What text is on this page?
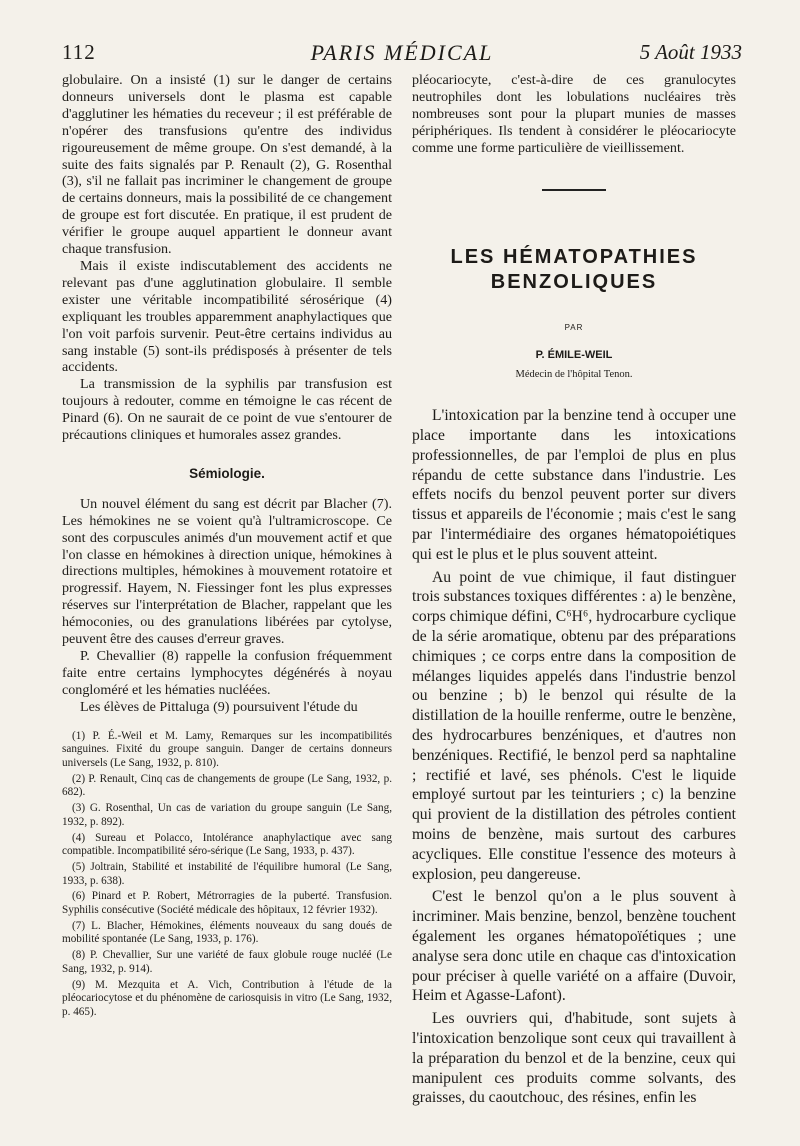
112	PARIS MÉDICAL	5 Août 1933

globulaire. On a insisté (1) sur le danger de certains donneurs universels dont le plasma est capable d'agglutiner les hématies du receveur ; il est préférable de n'opérer des transfusions qu'entre des individus rigoureusement de même groupe. On s'est demandé, à la suite des faits signalés par P. Renault (2), G. Rosenthal (3), s'il ne fallait pas incriminer le changement de groupe de certains donneurs, mais la possibilité de ce changement de groupe est fort discutée. En pratique, il est prudent de vérifier le groupe auquel appartient le donneur avant chaque transfusion.

Mais il existe indiscutablement des accidents ne relevant pas d'une agglutination globulaire. Il semble exister une véritable incompatibilité sérosérique (4) expliquant les troubles apparemment anaphylactiques que l'on voit parfois survenir. Peut-être certains individus au sang instable (5) sont-ils prédisposés à présenter de tels accidents.

La transmission de la syphilis par transfusion est toujours à redouter, comme en témoigne le cas récent de Pinard (6). On ne saurait de ce point de vue s'entourer de précautions cliniques et humorales assez grandes.

Sémiologie.

Un nouvel élément du sang est décrit par Blacher (7). Les hémokines ne se voient qu'à l'ultramicroscope. Ce sont des corpuscules animés d'un mouvement actif et que l'on classe en hémokines à direction unique, hémokines à directions multiples, hémokines à mouvement rotatoire et progressif. Hayem, N. Fiessinger font les plus expresses réserves sur l'interprétation de Blacher, rappelant que les hémoconies, ou des granulations libérées par cytolyse, peuvent être des causes d'erreur graves.

P. Chevallier (8) rappelle la confusion fréquemment faite entre certains lymphocytes dégénérés à noyau congloméré et les hématies nucléées.

Les élèves de Pittaluga (9) poursuivent l'étude du

(1) P. É.-Weil et M. Lamy, Remarques sur les incompatibilités sanguines. Fixité du groupe sanguin. Danger de certains donneurs universels (Le Sang, 1932, p. 810).
(2) P. Renault, Cinq cas de changements de groupe (Le Sang, 1932, p. 682).
(3) G. Rosenthal, Un cas de variation du groupe sanguin (Le Sang, 1932, p. 892).
(4) Sureau et Polacco, Intolérance anaphylactique avec sang compatible. Incompatibilité séro-sérique (Le Sang, 1933, p. 437).
(5) Joltrain, Stabilité et instabilité de l'équilibre humoral (Le Sang, 1933, p. 638).
(6) Pinard et P. Robert, Métrorragies de la puberté. Transfusion. Syphilis consécutive (Société médicale des hôpitaux, 12 février 1932).
(7) L. Blacher, Hémokines, éléments nouveaux du sang doués de mobilité spontanée (Le Sang, 1933, p. 176).
(8) P. Chevallier, Sur une variété de faux globule rouge nucléé (Le Sang, 1932, p. 914).
(9) M. Mezquita et A. Vich, Contribution à l'étude de la pléocariocytose et du phénomène de cariosquisis in vitro (Le Sang, 1932, p. 465).

pléocariocyte, c'est-à-dire de ces granulocytes neutrophiles dont les lobulations nucléaires très nombreuses sont pour la plupart munies de masses périphériques. Ils tendent à considérer le pléocariocyte comme une forme particulière de vieillissement.

LES HÉMATOPATHIES
BENZOLIQUES
PAR
P. ÉMILE-WEIL
Médecin de l'hôpital Tenon.

L'intoxication par la benzine tend à occuper une place importante dans les intoxications professionnelles, de par l'emploi de plus en plus répandu de cette substance dans l'industrie. Les effets nocifs du benzol peuvent porter sur divers tissus et appareils de l'économie ; mais c'est le sang par l'intermédiaire des organes hématopoiétiques qui est le plus et le plus souvent atteint.

Au point de vue chimique, il faut distinguer trois substances toxiques différentes : a) le benzène, corps chimique défini, C⁶H⁶, hydrocarbure cyclique de la série aromatique, obtenu par des préparations chimiques ; ce corps entre dans la composition de mélanges liquides appelés dans l'industrie benzol ou benzine ; b) le benzol qui résulte de la distillation de la houille renferme, outre le benzène, des hydrocarbures benzéniques, et d'autres non benzéniques. Rectifié, le benzol perd sa naphtaline ; rectifié et lavé, ses phénols. C'est le liquide employé surtout par les teinturiers ; c) la benzine qui provient de la distillation des pétroles contient moins de benzène, mais surtout des carbures acycliques. Elle constitue l'essence des moteurs à explosion, peu dangereuse.

C'est le benzol qu'on a le plus souvent à incriminer. Mais benzine, benzol, benzène touchent également les organes hématopoïétiques ; une analyse sera donc utile en chaque cas d'intoxication pour préciser à quelle variété on a affaire (Duvoir, Heim et Agasse-Lafont).

Les ouvriers qui, d'habitude, sont sujets à l'intoxication benzolique sont ceux qui travaillent à la préparation du benzol et de la benzine, ceux qui manipulent ces produits comme solvants, des graisses, du caoutchouc, des résines, enfin les
